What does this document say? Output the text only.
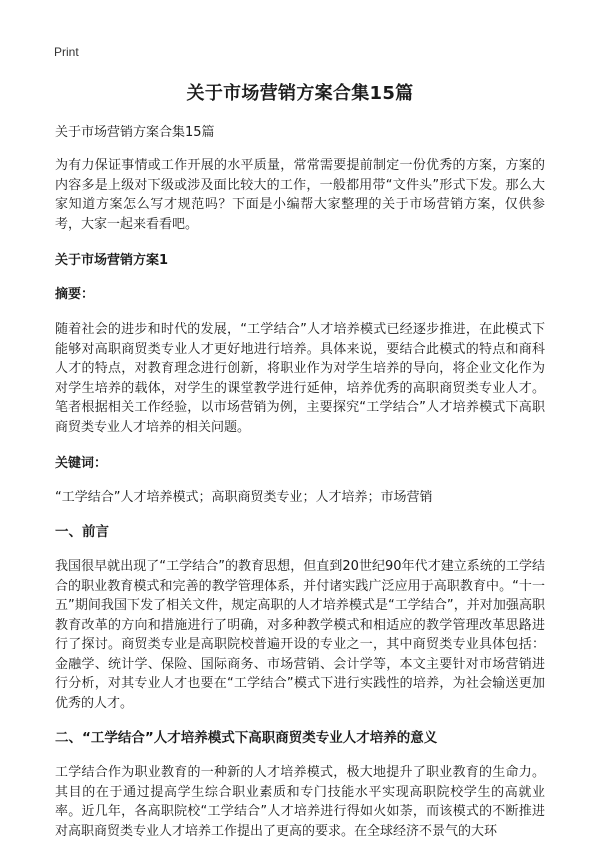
Print
关于市场营销方案合集15篇
关于市场营销方案合集15篇

为有力保证事情或工作开展的水平质量，常常需要提前制定一份优秀的方案，方案的内容多是上级对下级或涉及面比较大的工作，一般都用带“文件头”形式下发。那么大家知道方案怎么写才规范吗？下面是小编帮大家整理的关于市场营销方案，仅供参考，大家一起来看看吧。

关于市场营销方案1
摘要：

随着社会的进步和时代的发展，“工学结合”人才培养模式已经逐步推进，在此模式下能够对高职商贸类专业人才更好地进行培养。具体来说，要结合此模式的特点和商科人才的特点，对教育理念进行创新，将职业作为对学生培养的导向，将企业文化作为对学生培养的载体，对学生的课堂教学进行延伸，培养优秀的高职商贸类专业人才。笔者根据相关工作经验，以市场营销为例，主要探究“工学结合”人才培养模式下高职商贸类专业人才培养的相关问题。

关键词：
“工学结合”人才培养模式；高职商贸类专业；人才培养；市场营销
一、前言

我国很早就出现了“工学结合”的教育思想，但直到20世纪90年代才建立系统的工学结合的职业教育模式和完善的教学管理体系，并付诸实践广泛应用于高职教育中。“十一五”期间我国下发了相关文件，规定高职的人才培养模式是“工学结合”，并对加强高职教育改革的方向和措施进行了明确，对多种教学模式和相适应的教学管理改革思路进行了探讨。商贸类专业是高职院校普遍开设的专业之一，其中商贸类专业具体包括：金融学、统计学、保险、国际商务、市场营销、会计学等，本文主要针对市场营销进行分析，对其专业人才也要在“工学结合”模式下进行实践性的培养，为社会输送更加优秀的人才。

二、“工学结合”人才培养模式下高职商贸类专业人才培养的意义

工学结合作为职业教育的一种新的人才培养模式，极大地提升了职业教育的生命力。其目的在于通过提高学生综合职业素质和专门技能水平实现高职院校学生的高就业率。近几年，各高职院校“工学结合”人才培养进行得如火如荼，而该模式的不断推进对高职商贸类专业人才培养工作提出了更高的要求。在全球经济不景气的大环
